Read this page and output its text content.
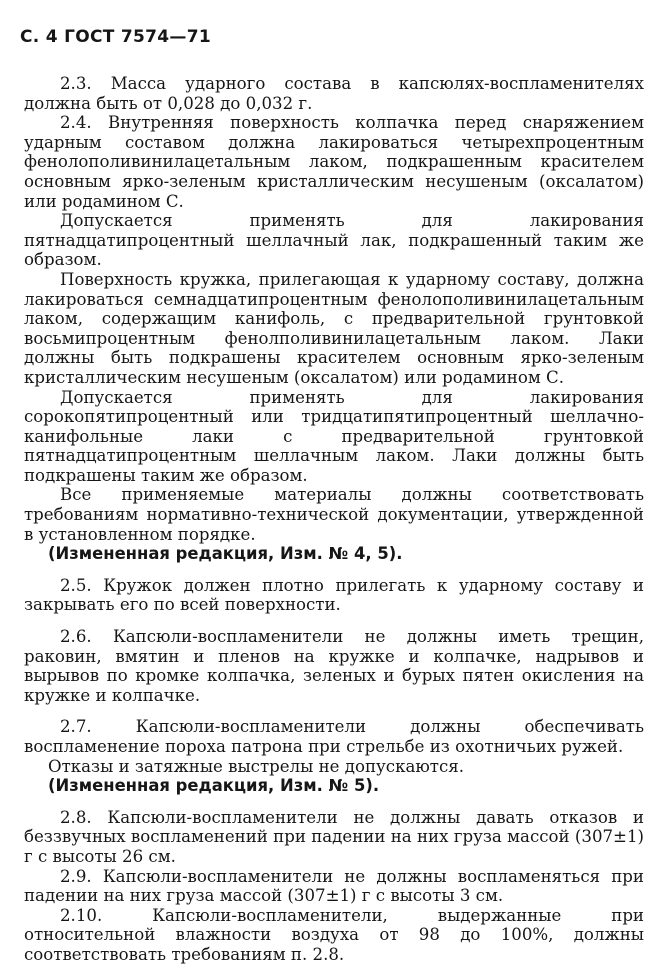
С. 4 ГОСТ 7574—71

2.3. Масса ударного состава в капсюлях-воспламенителях должна быть от 0,028 до 0,032 г.

2.4. Внутренняя поверхность колпачка перед снаряжением ударным составом должна лакироваться четырехпроцентным фенолополивинилацетальным лаком, подкрашенным красителем основным ярко-зеленым кристаллическим несушеным (оксалатом) или родамином С.

Допускается применять для лакирования пятнадцатипроцентный шеллачный лак, подкрашенный таким же образом.

Поверхность кружка, прилегающая к ударному составу, должна лакироваться семнадцатипроцентным фенолополивинилацетальным лаком, содержащим канифоль, с предварительной грунтовкой восьмипроцентным фенолполивинилацетальным лаком. Лаки должны быть подкрашены красителем основным ярко-зеленым кристаллическим несушеным (оксалатом) или родамином С.

Допускается применять для лакирования сорокопятипроцентный или тридцатипятипроцентный шеллачно-канифольные лаки с предварительной грунтовкой пятнадцатипроцентным шеллачным лаком. Лаки должны быть подкрашены таким же образом.

Все применяемые материалы должны соответствовать требованиям нормативно-технической документации, утвержденной в установленном порядке.

(Измененная редакция, Изм. № 4, 5).

2.5. Кружок должен плотно прилегать к ударному составу и закрывать его по всей поверхности.

2.6. Капсюли-воспламенители не должны иметь трещин, раковин, вмятин и пленов на кружке и колпачке, надрывов и вырывов по кромке колпачка, зеленых и бурых пятен окисления на кружке и колпачке.

2.7. Капсюли-воспламенители должны обеспечивать воспламенение пороха патрона при стрельбе из охотничьих ружей.

Отказы и затяжные выстрелы не допускаются.

(Измененная редакция, Изм. № 5).

2.8. Капсюли-воспламенители не должны давать отказов и беззвучных воспламенений при падении на них груза массой (307±1) г с высоты 26 см.

2.9. Капсюли-воспламенители не должны воспламеняться при падении на них груза массой (307±1) г с высоты 3 см.

2.10. Капсюли-воспламенители, выдержанные при относительной влажности воздуха от 98 до 100%, должны соответствовать требованиям п. 2.8.
